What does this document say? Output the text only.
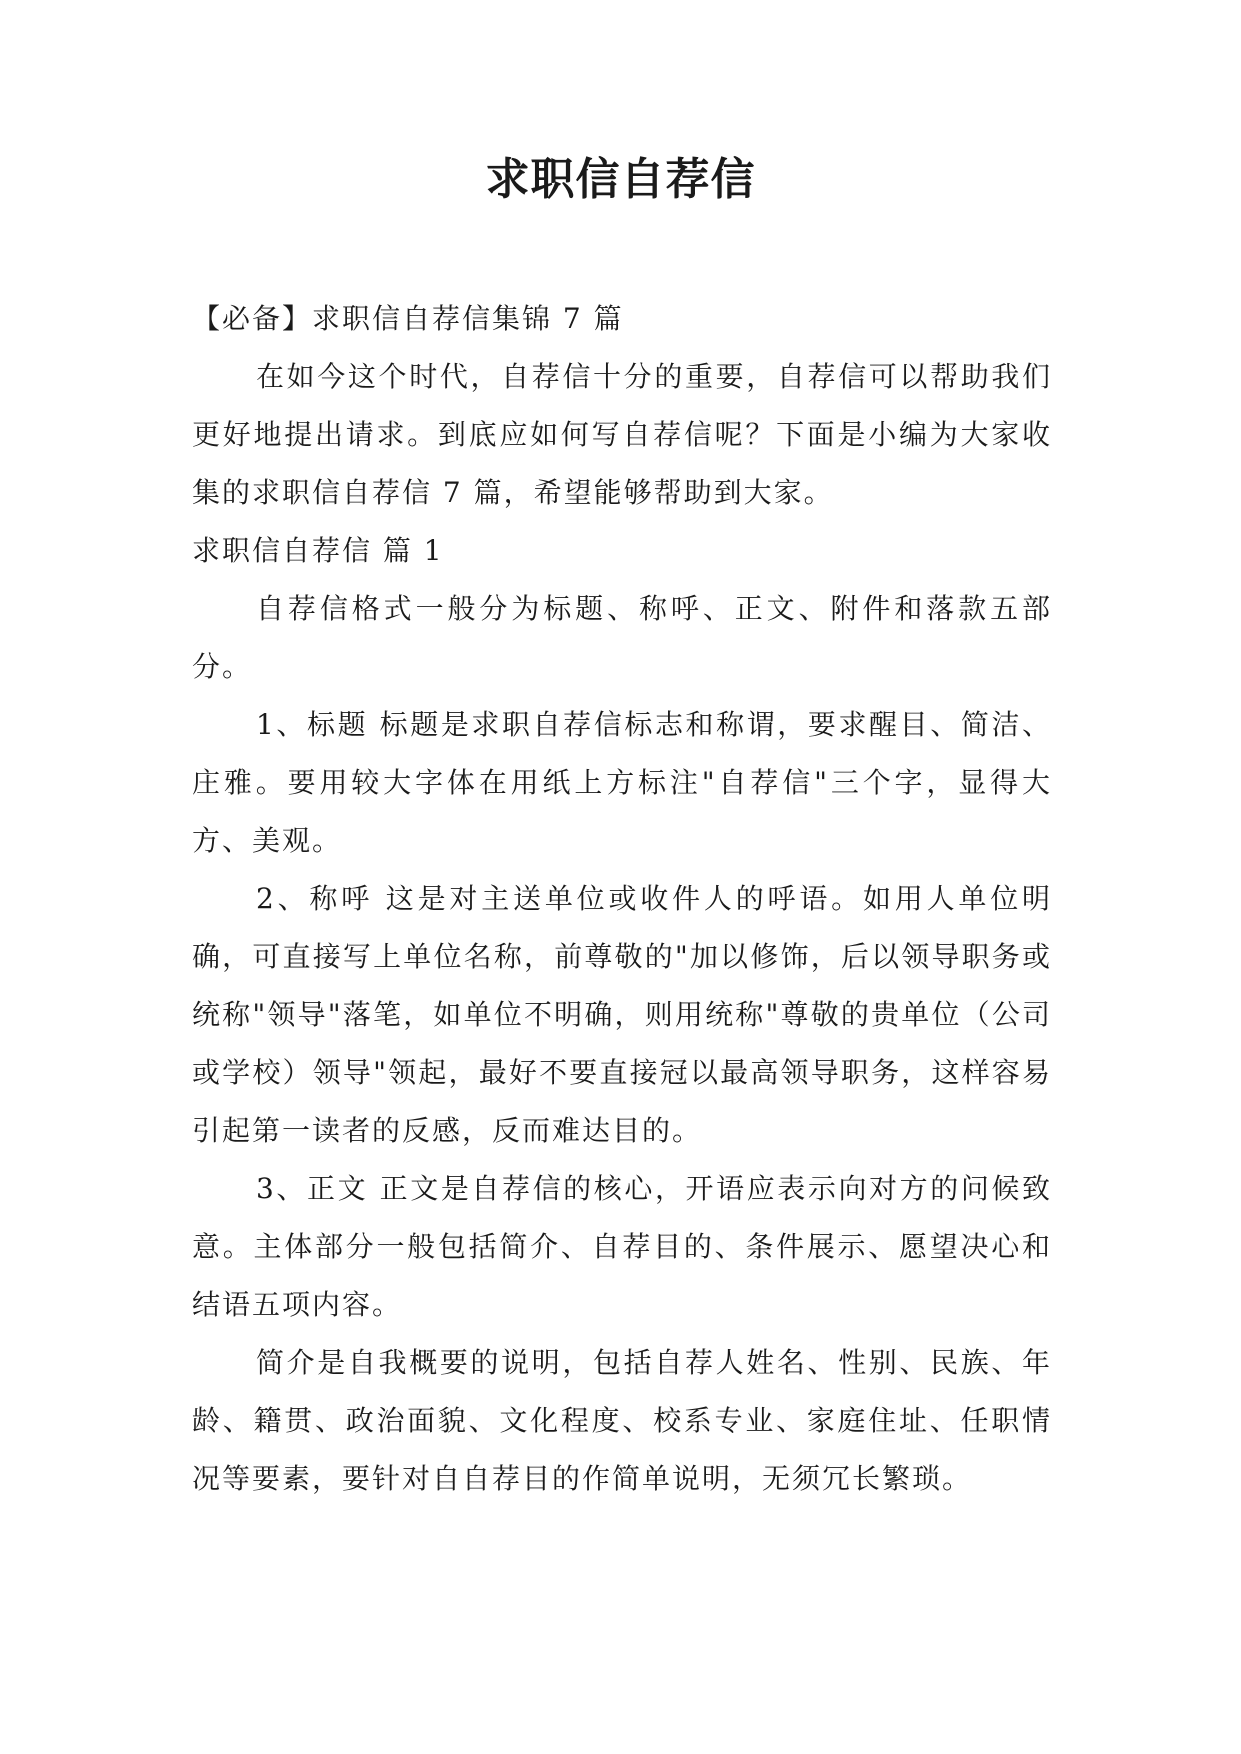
求职信自荐信

【必备】求职信自荐信集锦 7 篇

在如今这个时代，自荐信十分的重要，自荐信可以帮助我们更好地提出请求。到底应如何写自荐信呢？下面是小编为大家收集的求职信自荐信 7 篇，希望能够帮助到大家。

求职信自荐信 篇 1

自荐信格式一般分为标题、称呼、正文、附件和落款五部分。

1、标题 标题是求职自荐信标志和称谓，要求醒目、简洁、庄雅。要用较大字体在用纸上方标注"自荐信"三个字，显得大方、美观。

2、称呼 这是对主送单位或收件人的呼语。如用人单位明确，可直接写上单位名称，前尊敬的"加以修饰，后以领导职务或统称"领导"落笔，如单位不明确，则用统称"尊敬的贵单位（公司或学校）领导"领起，最好不要直接冠以最高领导职务，这样容易引起第一读者的反感，反而难达目的。

3、正文 正文是自荐信的核心，开语应表示向对方的问候致意。主体部分一般包括简介、自荐目的、条件展示、愿望决心和结语五项内容。

简介是自我概要的说明，包括自荐人姓名、性别、民族、年龄、籍贯、政治面貌、文化程度、校系专业、家庭住址、任职情况等要素，要针对自自荐目的作简单说明，无须冗长繁琐。
